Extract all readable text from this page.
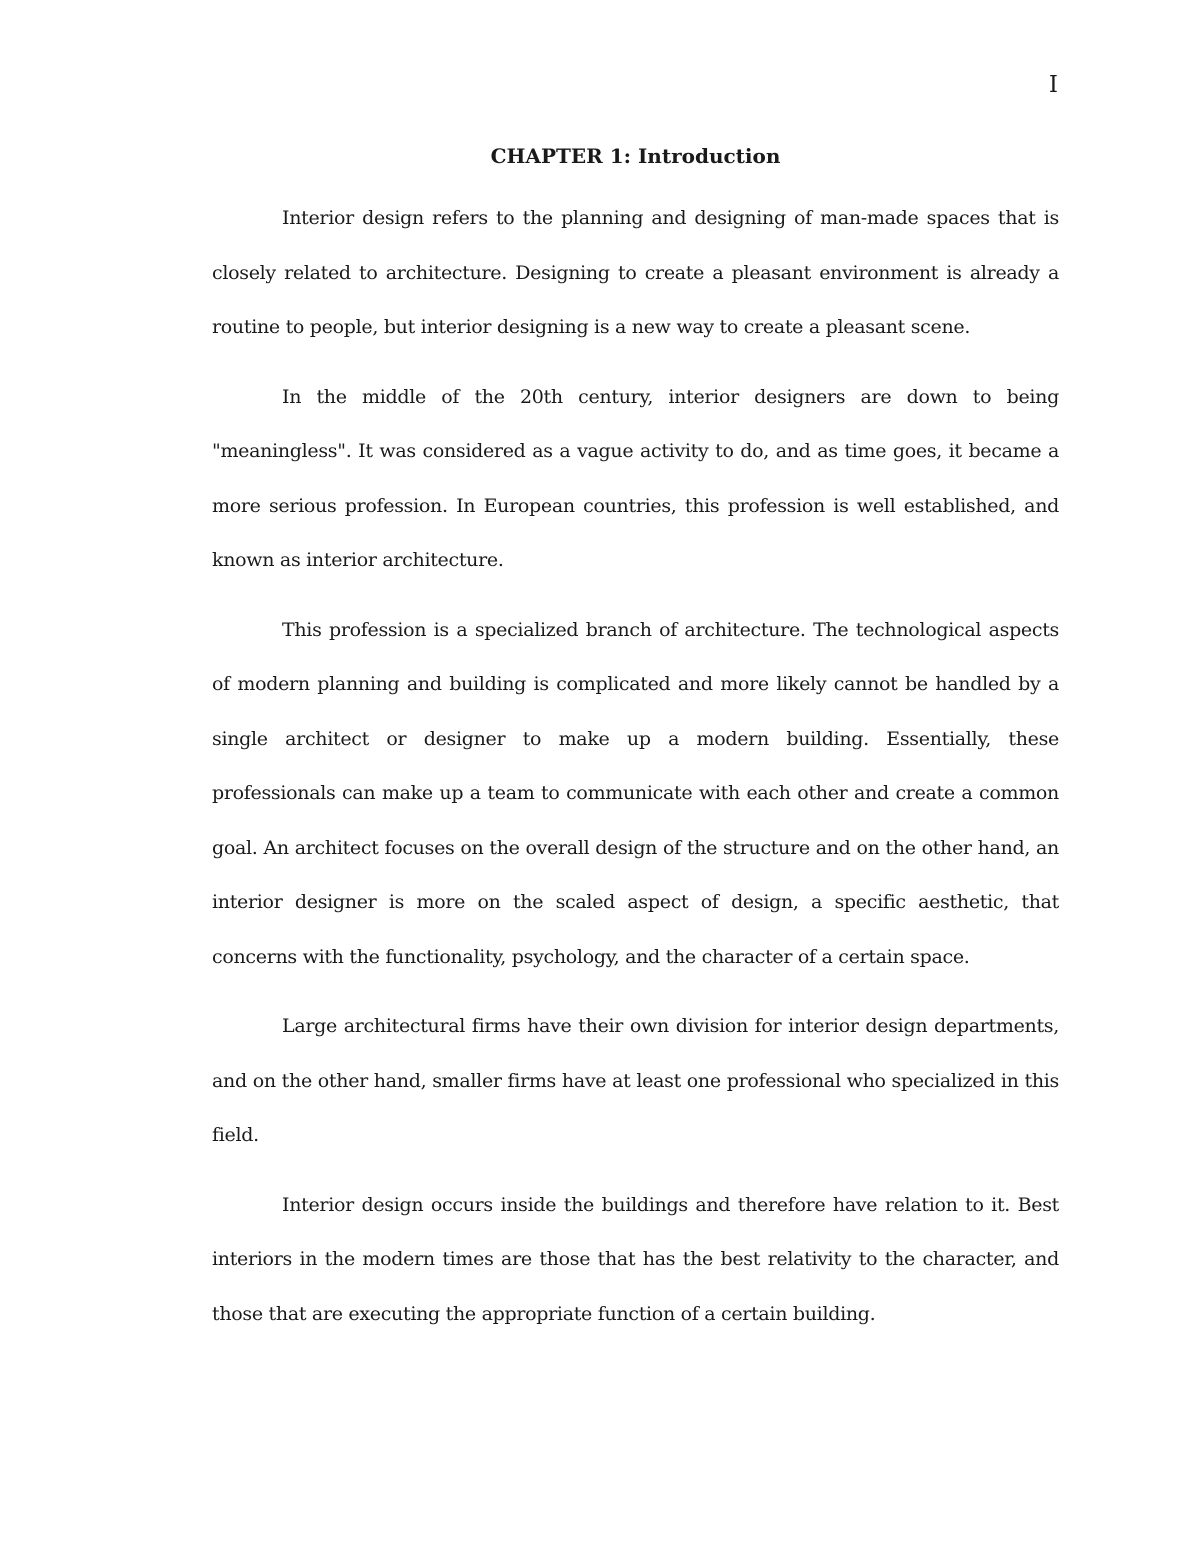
I

CHAPTER 1: Introduction

Interior design refers to the planning and designing of man-made spaces that is closely related to architecture. Designing to create a pleasant environment is already a routine to people, but interior designing is a new way to create a pleasant scene.

In the middle of the 20th century, interior designers are down to being "meaningless". It was considered as a vague activity to do, and as time goes, it became a more serious profession. In European countries, this profession is well established, and known as interior architecture.

This profession is a specialized branch of architecture. The technological aspects of modern planning and building is complicated and more likely cannot be handled by a single architect or designer to make up a modern building. Essentially, these professionals can make up a team to communicate with each other and create a common goal. An architect focuses on the overall design of the structure and on the other hand, an interior designer is more on the scaled aspect of design, a specific aesthetic, that concerns with the functionality, psychology, and the character of a certain space.

Large architectural firms have their own division for interior design departments, and on the other hand, smaller firms have at least one professional who specialized in this field.

Interior design occurs inside the buildings and therefore have relation to it. Best interiors in the modern times are those that has the best relativity to the character, and those that are executing the appropriate function of a certain building.
